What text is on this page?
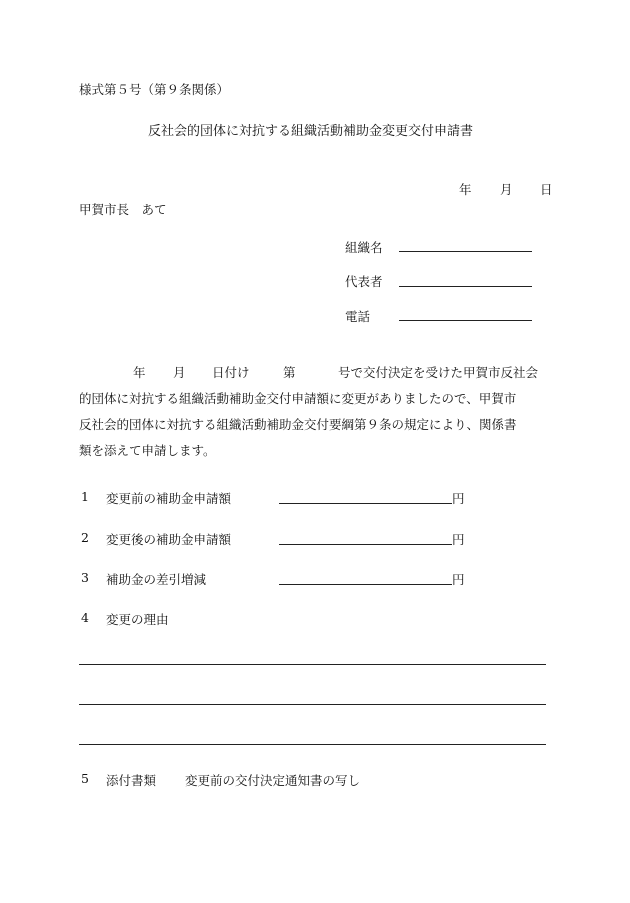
様式第５号（第９条関係）
反社会的団体に対抗する組織活動補助金変更交付申請書
年 月 日
甲賀市長　あて
組織名
代表者
電話
年 月 日付け	第	号で交付決定を受けた甲賀市反社会
的団体に対抗する組織活動補助金交付申請額に変更がありましたので、甲賀市
反社会的団体に対抗する組織活動補助金交付要綱第９条の規定により、関係書
類を添えて申請します。
1 変更前の補助金申請額	円
2 変更後の補助金申請額	円
3 補助金の差引増減	円
4 変更の理由
5 添付書類 変更前の交付決定通知書の写し
